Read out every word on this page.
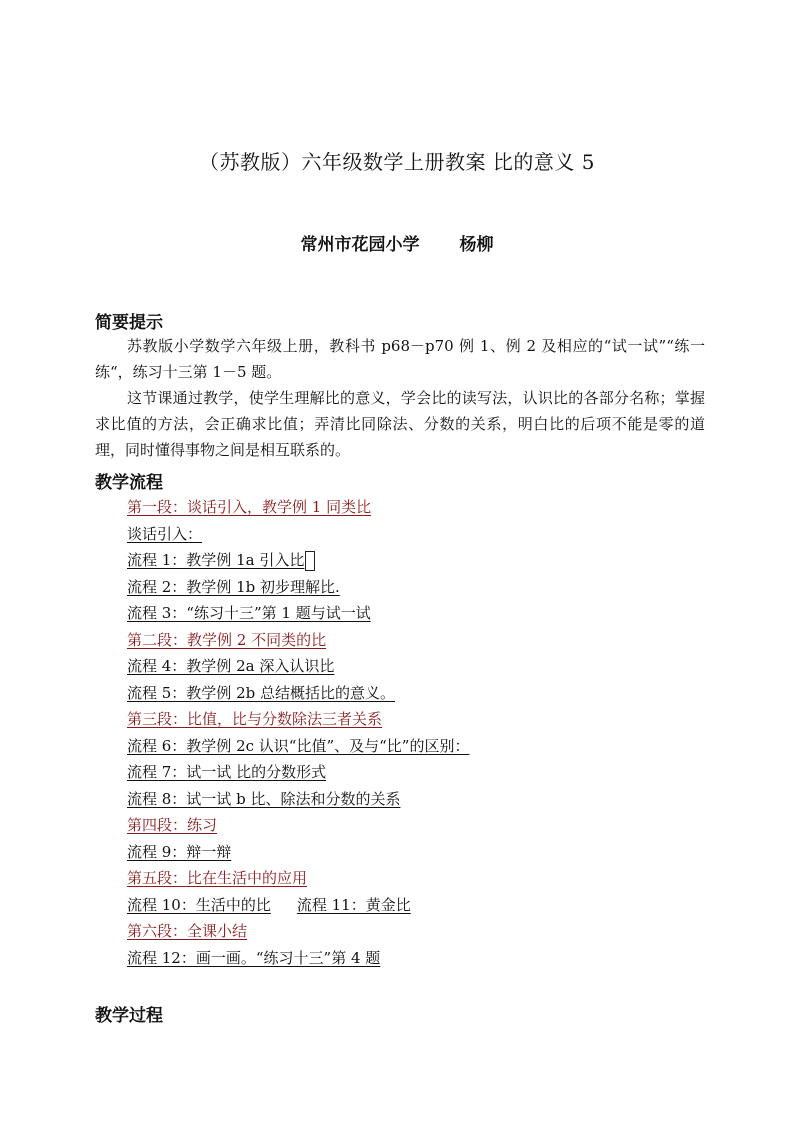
（苏教版）六年级数学上册教案 比的意义 5
常州市花园小学 杨柳
简要提示
苏教版小学数学六年级上册，教科书 p68－p70 例 1、例 2 及相应的“试一试”“练一练“，练习十三第 1－5 题。
这节课通过教学，使学生理解比的意义，学会比的读写法，认识比的各部分名称；掌握求比值的方法，会正确求比值；弄清比同除法、分数的关系，明白比的后项不能是零的道理，同时懂得事物之间是相互联系的。
教学流程
第一段：谈话引入，教学例 1 同类比
谈话引入：
流程 1：教学例 1a 引入比
流程 2：教学例 1b 初步理解比.
流程 3：“练习十三”第 1 题与试一试
第二段：教学例 2 不同类的比
流程 4：教学例 2a 深入认识比
流程 5：教学例 2b 总结概括比的意义。
第三段：比值，比与分数除法三者关系
流程 6：教学例 2c 认识“比值”、及与“比”的区别：
流程 7：试一试 比的分数形式
流程 8：试一试 b 比、除法和分数的关系
第四段：练习
流程 9：辩一辩
第五段：比在生活中的应用
流程 10：生活中的比 流程 11：黄金比
第六段：全课小结
流程 12：画一画。“练习十三”第 4 题
教学过程
